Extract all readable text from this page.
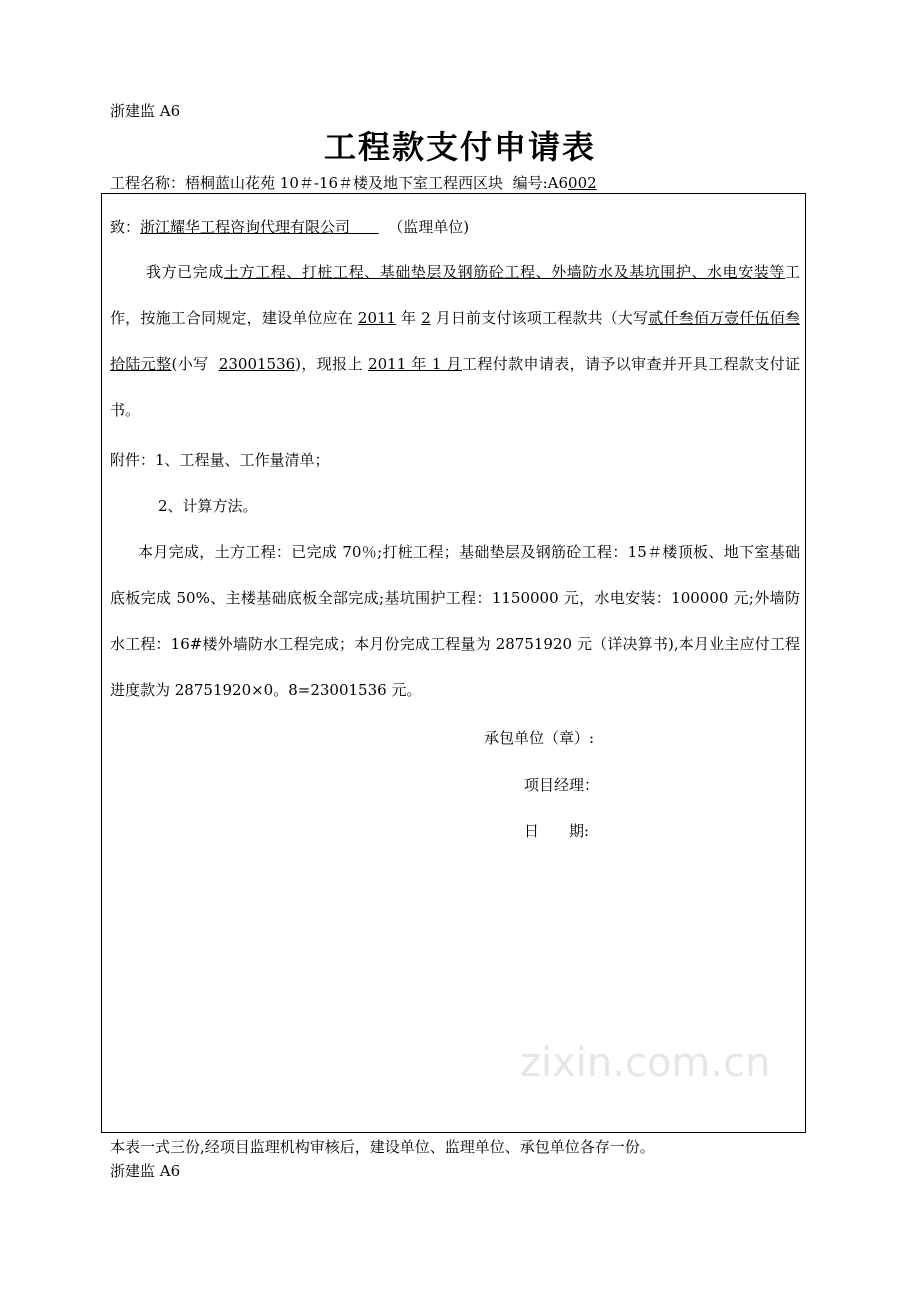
浙建监 A6
工程款支付申请表
工程名称：梧桐蓝山花苑 10＃-16＃楼及地下室工程西区块 编号:A6002
致：浙江耀华工程咨询代理有限公司	（监理单位)
我方已完成土方工程、打桩工程、基础垫层及钢筋砼工程、外墙防水及基坑围护、水电安装等工作，按施工合同规定，建设单位应在 2011 年 2 月日前支付该项工程款共（大写贰仟叁佰万壹仟伍佰叁拾陆元整(小写 23001536)，现报上 2011 年 1 月工程付款申请表，请予以审查并开具工程款支付证书。
附件：1、工程量、工作量清单；
2、计算方法。
本月完成，土方工程：已完成 70％;打桩工程；基础垫层及钢筋砼工程：15＃楼顶板、地下室基础底板完成 50%、主楼基础底板全部完成;基坑围护工程：1150000 元，水电安装：100000 元;外墙防水工程：16#楼外墙防水工程完成；本月份完成工程量为 28751920 元（详决算书),本月业主应付工程进度款为 28751920×0。8=23001536 元。
承包单位（章）:
项目经理：
日　　期:
zixin.com.cn
本表一式三份,经项目监理机构审核后，建设单位、监理单位、承包单位各存一份。
浙建监 A6
